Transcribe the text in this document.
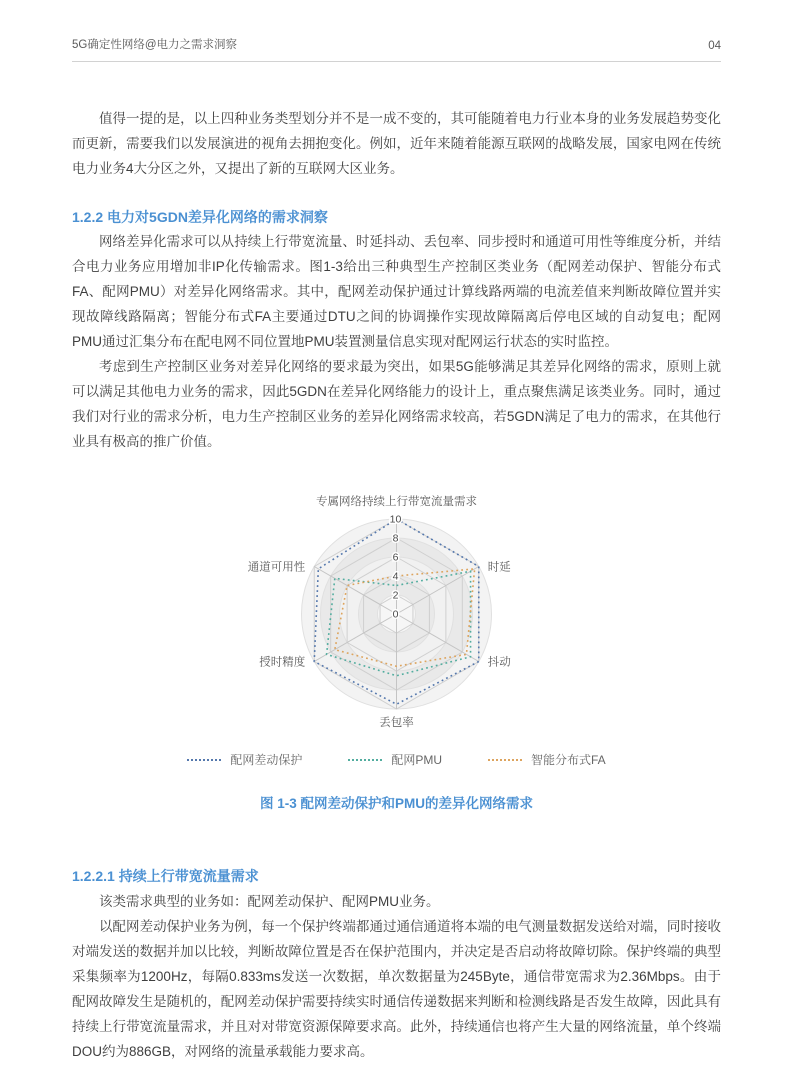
5G确定性网络@电力之需求洞察	04

值得一提的是，以上四种业务类型划分并不是一成不变的，其可能随着电力行业本身的业务发展趋势变化而更新，需要我们以发展演进的视角去拥抱变化。例如，近年来随着能源互联网的战略发展，国家电网在传统电力业务4大分区之外，又提出了新的互联网大区业务。

1.2.2 电力对5GDN差异化网络的需求洞察

网络差异化需求可以从持续上行带宽流量、时延抖动、丢包率、同步授时和通道可用性等维度分析，并结合电力业务应用增加非IP化传输需求。图1-3给出三种典型生产控制区类业务（配网差动保护、智能分布式FA、配网PMU）对差异化网络需求。其中，配网差动保护通过计算线路两端的电流差值来判断故障位置并实现故障线路隔离；智能分布式FA主要通过DTU之间的协调操作实现故障隔离后停电区域的自动复电；配网PMU通过汇集分布在配电网不同位置地PMU装置测量信息实现对配网运行状态的实时监控。

考虑到生产控制区业务对差异化网络的要求最为突出，如果5G能够满足其差异化网络的需求，原则上就可以满足其他电力业务的需求，因此5GDN在差异化网络能力的设计上，重点聚焦满足该类业务。同时，通过我们对行业的需求分析，电力生产控制区业务的差异化网络需求较高，若5GDN满足了电力的需求，在其他行业具有极高的推广价值。

0
2
4
6
8
10
专属网络持续上行带宽流量需求
时延
抖动
丢包率
授时精度
通道可用性
配网差动保护	配网PMU	智能分布式FA
图 1-3 配网差动保护和PMU的差异化网络需求
1.2.2.1 持续上行带宽流量需求

该类需求典型的业务如：配网差动保护、配网PMU业务。

以配网差动保护业务为例，每一个保护终端都通过通信通道将本端的电气测量数据发送给对端，同时接收对端发送的数据并加以比较，判断故障位置是否在保护范围内，并决定是否启动将故障切除。保护终端的典型采集频率为1200Hz，每隔0.833ms发送一次数据，单次数据量为245Byte，通信带宽需求为2.36Mbps。由于配网故障发生是随机的，配网差动保护需要持续实时通信传递数据来判断和检测线路是否发生故障，因此具有持续上行带宽流量需求，并且对对带宽资源保障要求高。此外，持续通信也将产生大量的网络流量，单个终端DOU约为886GB，对网络的流量承载能力要求高。
